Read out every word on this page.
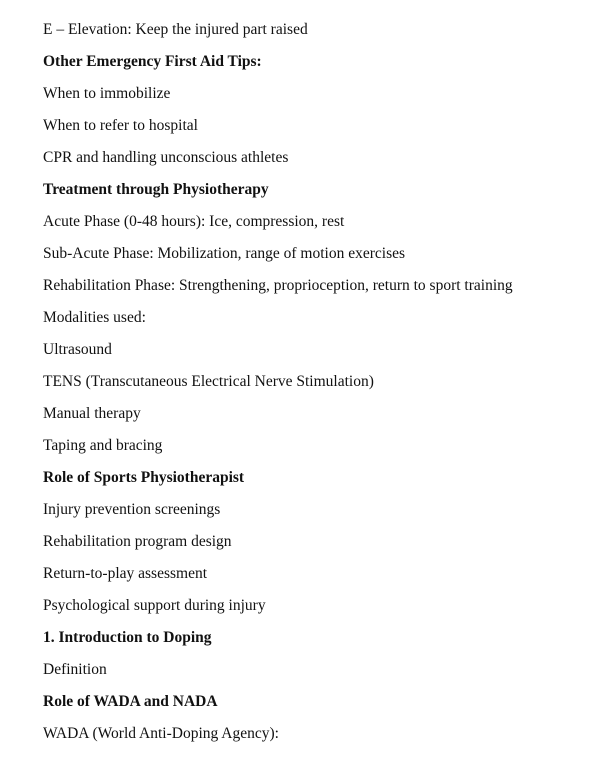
E – Elevation: Keep the injured part raised
Other Emergency First Aid Tips:
When to immobilize
When to refer to hospital
CPR and handling unconscious athletes
Treatment through Physiotherapy
Acute Phase (0-48 hours): Ice, compression, rest
Sub-Acute Phase: Mobilization, range of motion exercises
Rehabilitation Phase: Strengthening, proprioception, return to sport training
Modalities used:
Ultrasound
TENS (Transcutaneous Electrical Nerve Stimulation)
Manual therapy
Taping and bracing
Role of Sports Physiotherapist
Injury prevention screenings
Rehabilitation program design
Return-to-play assessment
Psychological support during injury
1. Introduction to Doping
Definition
Role of WADA and NADA
WADA (World Anti-Doping Agency):
